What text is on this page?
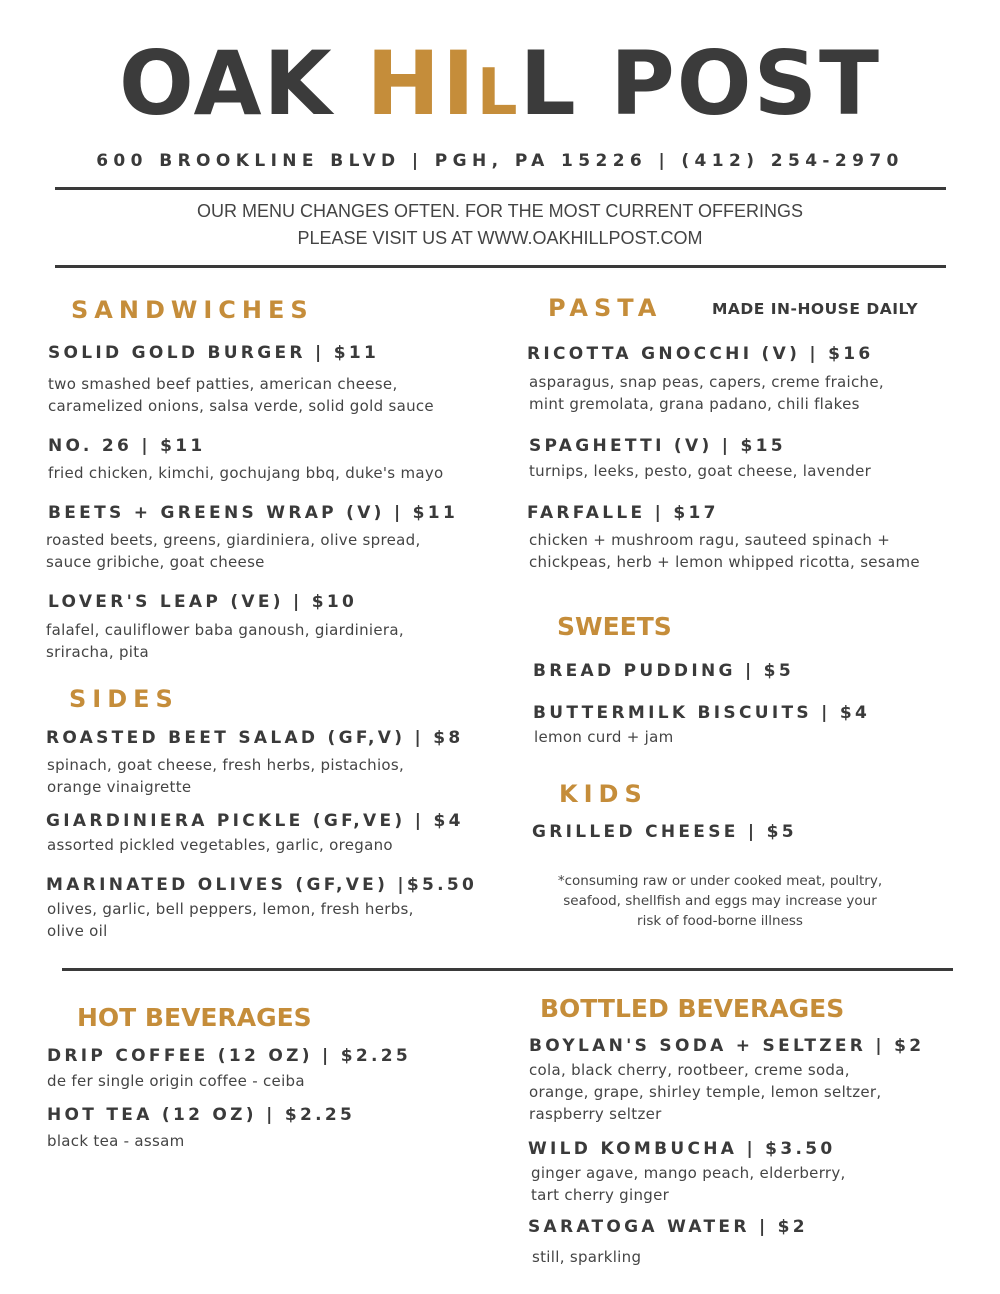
OAK HILL POST
600 BROOKLINE BLVD | PGH, PA 15226 | (412) 254-2970
OUR MENU CHANGES OFTEN. FOR THE MOST CURRENT OFFERINGS
PLEASE VISIT US AT WWW.OAKHILLPOST.COM
SANDWICHES
SOLID GOLD BURGER | $11
two smashed beef patties, american cheese,
caramelized onions, salsa verde, solid gold sauce
NO. 26 | $11
fried chicken, kimchi, gochujang bbq, duke's mayo
BEETS + GREENS WRAP (V) | $11
roasted beets, greens, giardiniera, olive spread,
sauce gribiche, goat cheese
LOVER'S LEAP (VE) | $10
falafel, cauliflower baba ganoush, giardiniera,
sriracha, pita
SIDES
ROASTED BEET SALAD (GF,V) | $8
spinach, goat cheese, fresh herbs, pistachios,
orange vinaigrette
GIARDINIERA PICKLE (GF,VE) | $4
assorted pickled vegetables, garlic, oregano
MARINATED OLIVES (GF,VE) |$5.50
olives, garlic, bell peppers, lemon, fresh herbs,
olive oil
PASTA	MADE IN-HOUSE DAILY
RICOTTA GNOCCHI (V) | $16
asparagus, snap peas, capers, creme fraiche,
mint gremolata, grana padano, chili flakes
SPAGHETTI (V) | $15
turnips, leeks, pesto, goat cheese, lavender
FARFALLE | $17
chicken + mushroom ragu, sauteed spinach +
chickpeas, herb + lemon whipped ricotta, sesame
SWEETS
BREAD PUDDING | $5
BUTTERMILK BISCUITS | $4
lemon curd + jam
KIDS
GRILLED CHEESE | $5
*consuming raw or under cooked meat, poultry,
seafood, shellfish and eggs may increase your
risk of food-borne illness
HOT BEVERAGES
DRIP COFFEE (12 OZ) | $2.25
de fer single origin coffee - ceiba
HOT TEA (12 OZ) | $2.25
black tea - assam
BOTTLED BEVERAGES
BOYLAN'S SODA + SELTZER | $2
cola, black cherry, rootbeer, creme soda,
orange, grape, shirley temple, lemon seltzer,
raspberry seltzer
WILD KOMBUCHA | $3.50
ginger agave, mango peach, elderberry,
tart cherry ginger
SARATOGA WATER | $2
still, sparkling
